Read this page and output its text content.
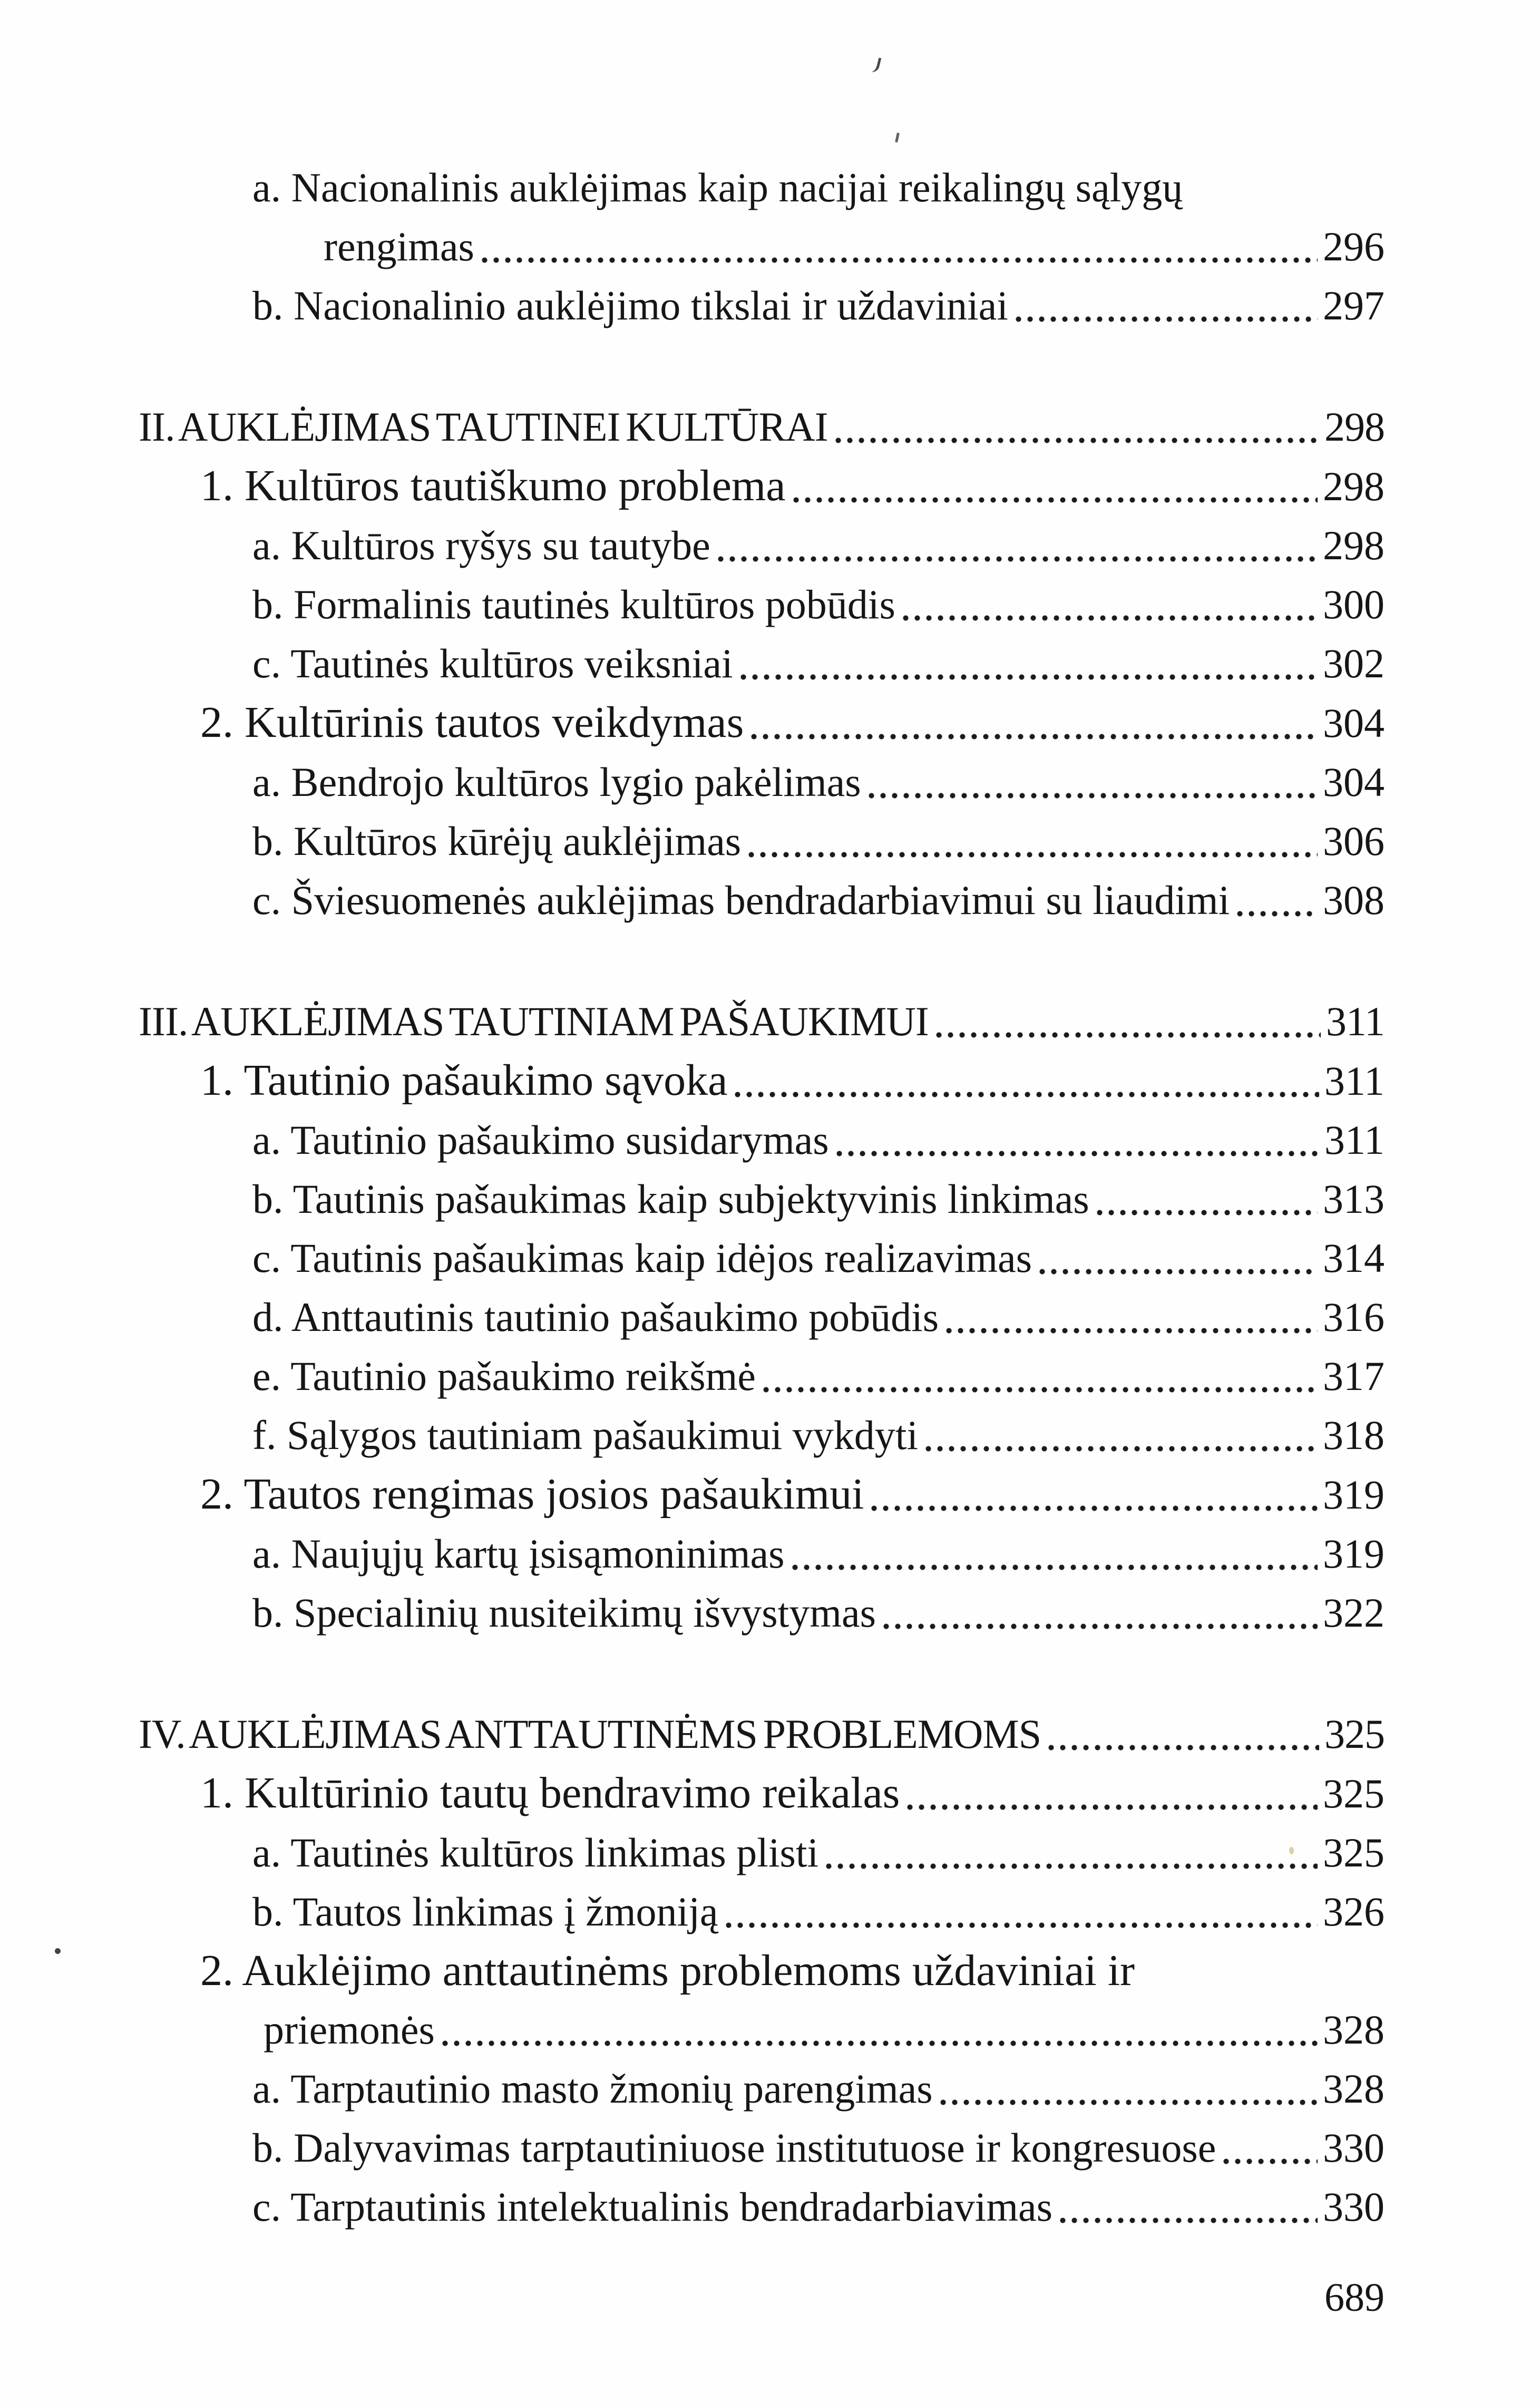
a. Nacionalinis auklėjimas kaip nacijai reikalingų sąlygų
rengimas	296
b. Nacionalinio auklėjimo tikslai ir uždaviniai	297
II. AUKLĖJIMAS TAUTINEI KULTŪRAI	298
1. Kultūros tautiškumo problema	298
a. Kultūros ryšys su tautybe	298
b. Formalinis tautinės kultūros pobūdis	300
c. Tautinės kultūros veiksniai	302
2. Kultūrinis tautos veikdymas	304
a. Bendrojo kultūros lygio pakėlimas	304
b. Kultūros kūrėjų auklėjimas	306
c. Šviesuomenės auklėjimas bendradarbiavimui su liaudimi 308
III. AUKLĖJIMAS TAUTINIAM PAŠAUKIMUI	311
1. Tautinio pašaukimo sąvoka	311
a. Tautinio pašaukimo susidarymas	311
b. Tautinis pašaukimas kaip subjektyvinis linkimas	313
c. Tautinis pašaukimas kaip idėjos realizavimas	314
d. Anttautinis tautinio pašaukimo pobūdis	316
e. Tautinio pašaukimo reikšmė	317
f. Sąlygos tautiniam pašaukimui vykdyti	318
2. Tautos rengimas josios pašaukimui	319
a. Naujųjų kartų įsisąmoninimas	319
b. Specialinių nusiteikimų išvystymas	322
IV. AUKLĖJIMAS ANTTAUTINĖMS PROBLEMOMS	325
1. Kultūrinio tautų bendravimo reikalas	325
a. Tautinės kultūros linkimas plisti	325
b. Tautos linkimas į žmoniją	326
2. Auklėjimo anttautinėms problemoms uždaviniai ir
priemonės	328
a. Tarptautinio masto žmonių parengimas	328
b. Dalyvavimas tarptautiniuose institutuose ir kongresuose	330
c. Tarptautinis intelektualinis bendradarbiavimas	330
689
